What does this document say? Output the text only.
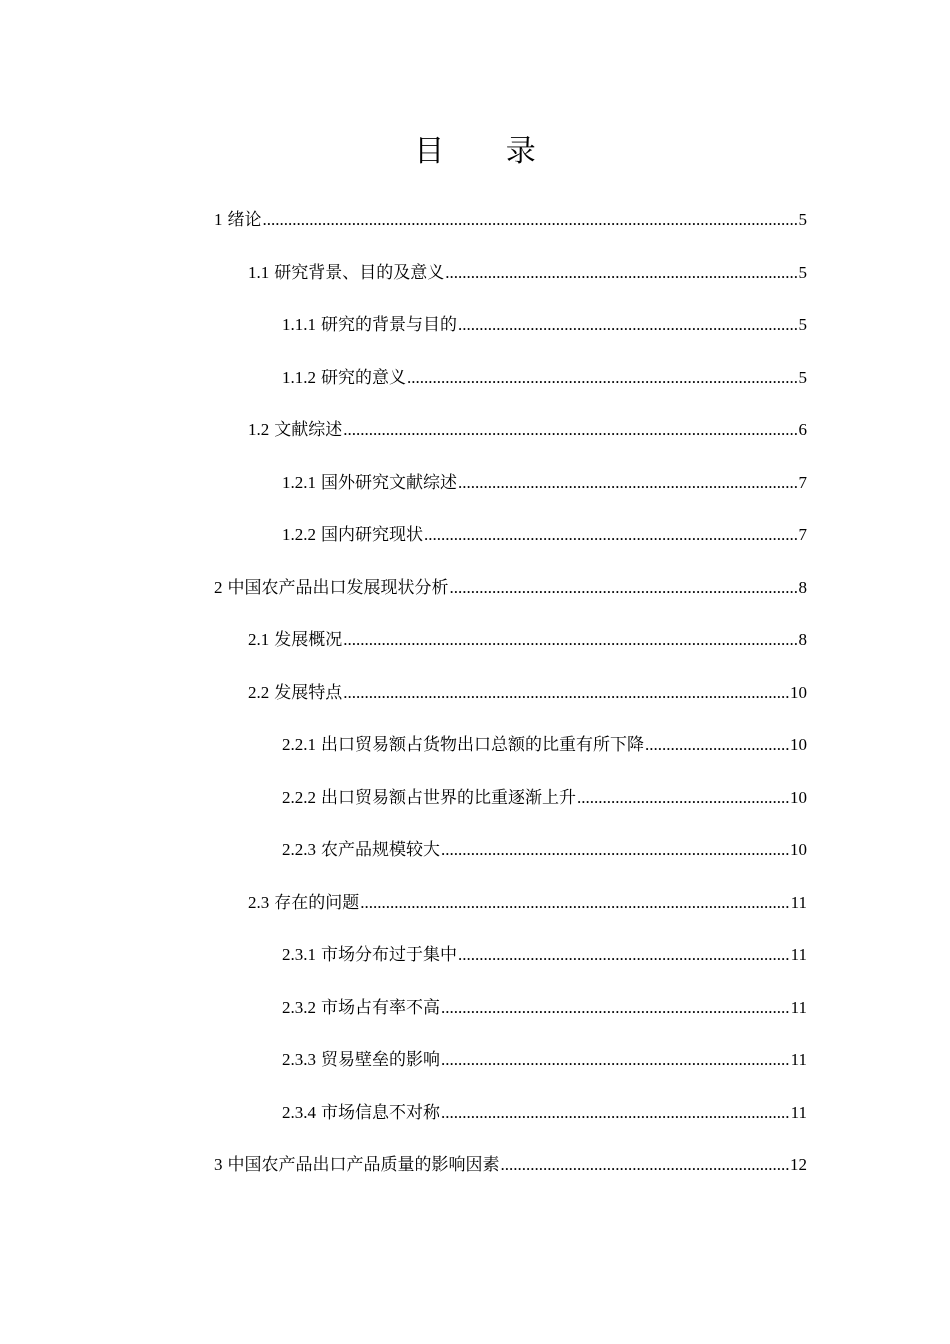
目 录
1 绪论 .....	5
1.1 研究背景、目的及意义 .....	5
1.1.1 研究的背景与目的 .....	5
1.1.2 研究的意义 .....	5
1.2 文献综述 .....	6
1.2.1 国外研究文献综述 .....	7
1.2.2 国内研究现状 .....	7
2 中国农产品出口发展现状分析 .....	8
2.1 发展概况 .....	8
2.2 发展特点 .....	10
2.2.1 出口贸易额占货物出口总额的比重有所下降 .....	10
2.2.2 出口贸易额占世界的比重逐渐上升 .....	10
2.2.3 农产品规模较大 .....	10
2.3 存在的问题 .....	11
2.3.1 市场分布过于集中 .....	11
2.3.2 市场占有率不高 .....	11
2.3.3 贸易壁垒的影响 .....	11
2.3.4 市场信息不对称 .....	11
3 中国农产品出口产品质量的影响因素 .....	12
